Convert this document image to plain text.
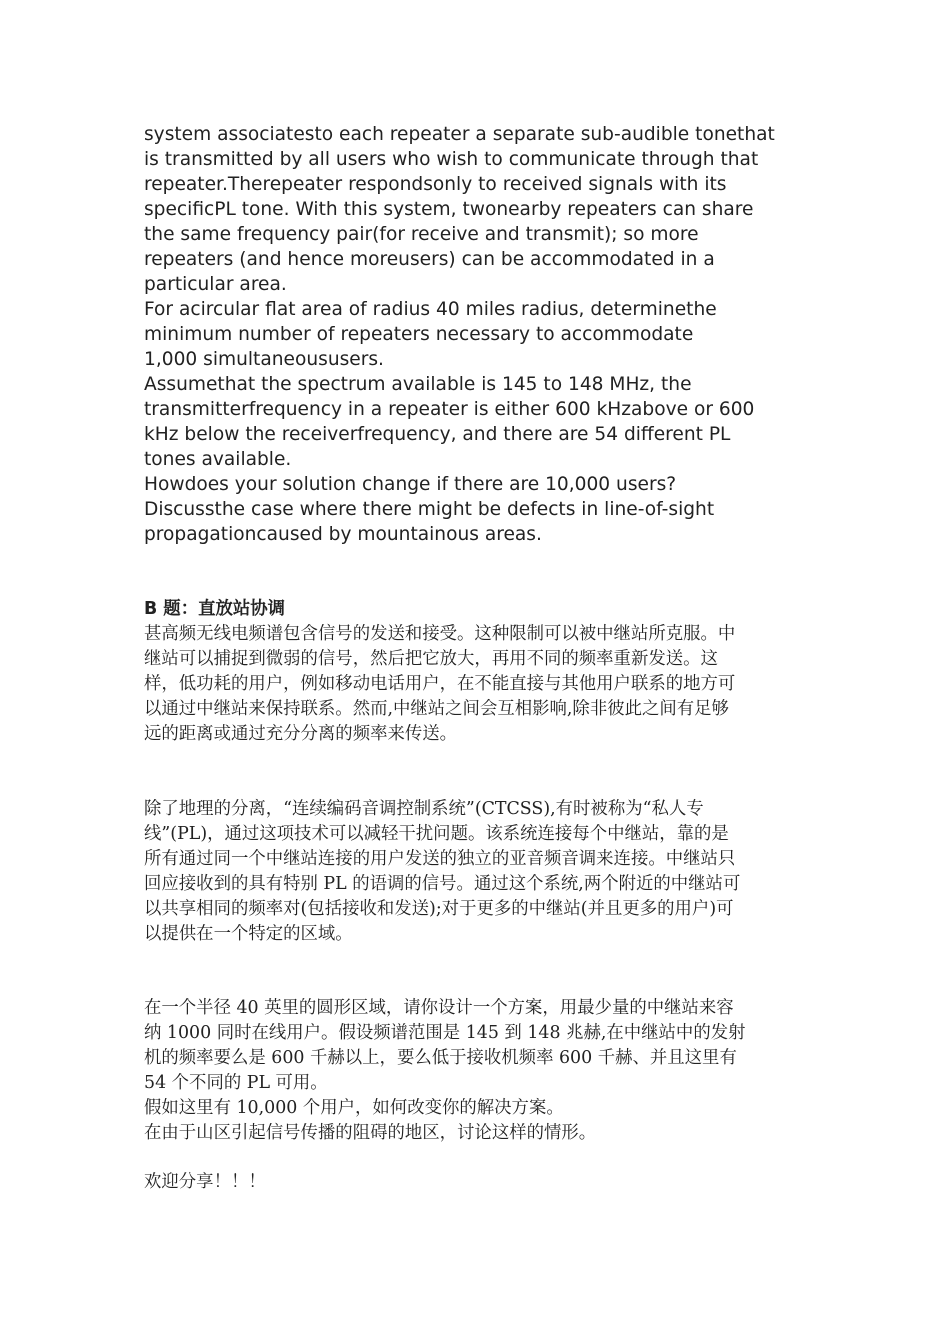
system associatesto each repeater a separate sub-audible tonethat
is transmitted by all users who wish to communicate through that
repeater.Therepeater respondsonly to received signals with its
specificPL tone. With this system, twonearby repeaters can share
the same frequency pair(for receive and transmit); so more
repeaters (and hence moreusers) can be accommodated in a
particular area.
For acircular flat area of radius 40 miles radius, determinethe
minimum number of repeaters necessary to accommodate
1,000 simultaneoususers.
Assumethat the spectrum available is 145 to 148 MHz, the
transmitterfrequency in a repeater is either 600 kHzabove or 600
kHz below the receiverfrequency, and there are 54 different PL
tones available.
Howdoes your solution change if there are 10,000 users?
Discussthe case where there might be defects in line-of-sight
propagationcaused by mountainous areas.
B 题：直放站协调
甚高频无线电频谱包含信号的发送和接受。这种限制可以被中继站所克服。中
继站可以捕捉到微弱的信号，然后把它放大，再用不同的频率重新发送。这
样，低功耗的用户，例如移动电话用户，在不能直接与其他用户联系的地方可
以通过中继站来保持联系。然而,中继站之间会互相影响,除非彼此之间有足够
远的距离或通过充分分离的频率来传送。
除了地理的分离，“连续编码音调控制系统”(CTCSS),有时被称为“私人专
线”(PL)，通过这项技术可以减轻干扰问题。该系统连接每个中继站，靠的是
所有通过同一个中继站连接的用户发送的独立的亚音频音调来连接。中继站只
回应接收到的具有特别 PL 的语调的信号。通过这个系统,两个附近的中继站可
以共享相同的频率对(包括接收和发送);对于更多的中继站(并且更多的用户)可
以提供在一个特定的区域。
在一个半径 40 英里的圆形区域，请你设计一个方案，用最少量的中继站来容
纳 1000 同时在线用户。假设频谱范围是 145 到 148 兆赫,在中继站中的发射
机的频率要么是 600 千赫以上，要么低于接收机频率 600 千赫、并且这里有
54 个不同的 PL 可用。
假如这里有 10,000 个用户，如何改变你的解决方案。
在由于山区引起信号传播的阻碍的地区，讨论这样的情形。
欢迎分享！！！
